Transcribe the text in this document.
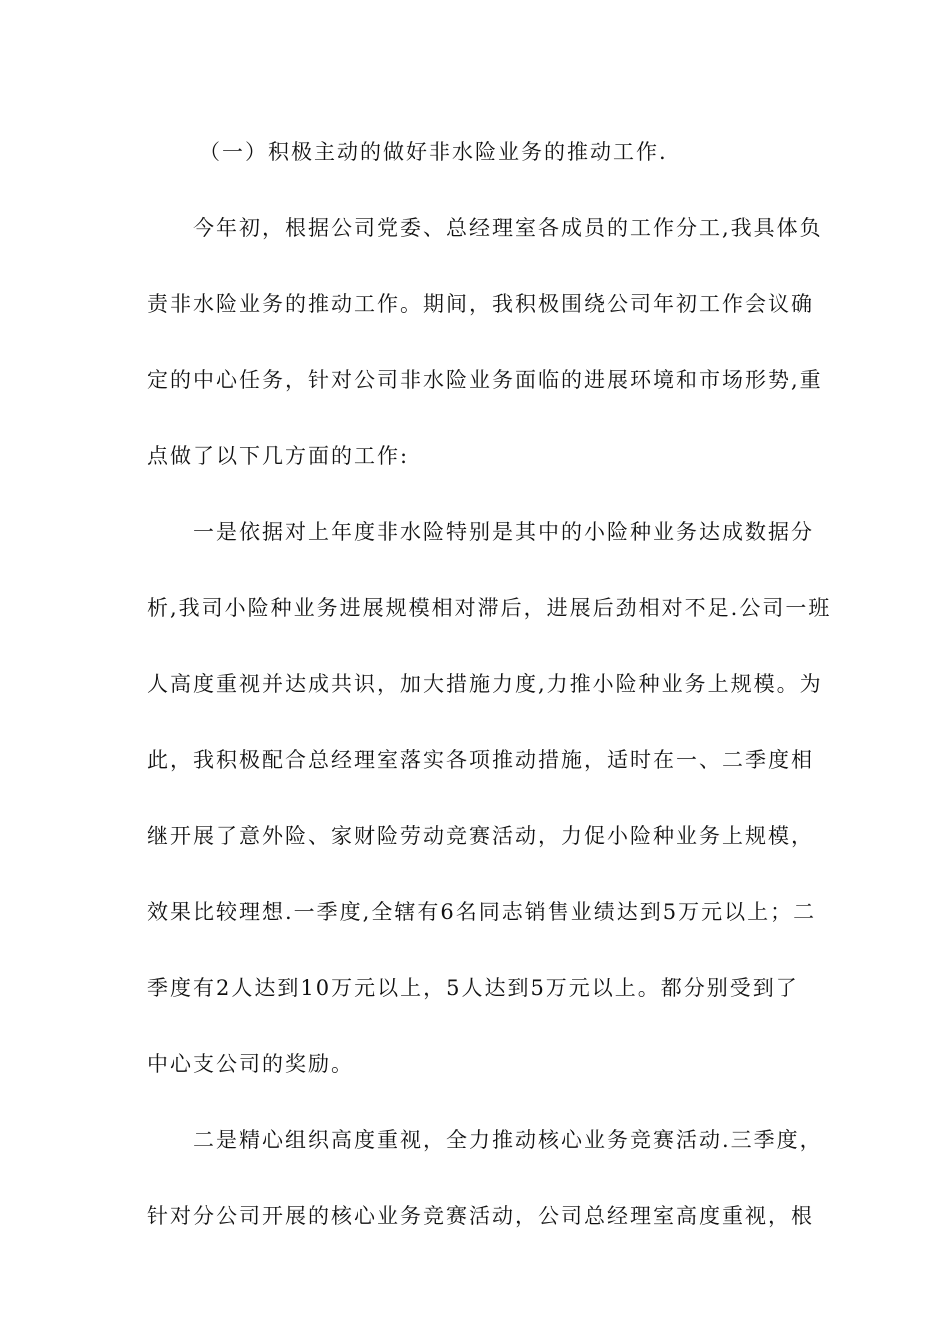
（一）积极主动的做好非水险业务的推动工作.
今年初，根据公司党委、总经理室各成员的工作分工,我具体负
责非水险业务的推动工作。期间，我积极围绕公司年初工作会议确
定的中心任务，针对公司非水险业务面临的进展环境和市场形势,重
点做了以下几方面的工作:
一是依据对上年度非水险特别是其中的小险种业务达成数据分
析,我司小险种业务进展规模相对滞后，进展后劲相对不足.公司一班
人高度重视并达成共识，加大措施力度,力推小险种业务上规模。为
此，我积极配合总经理室落实各项推动措施，适时在一、二季度相
继开展了意外险、家财险劳动竞赛活动，力促小险种业务上规模，
效果比较理想.一季度,全辖有6名同志销售业绩达到5万元以上；二
季度有2人达到10万元以上，5人达到5万元以上。都分别受到了
中心支公司的奖励。
二是精心组织高度重视，全力推动核心业务竞赛活动.三季度，
针对分公司开展的核心业务竞赛活动，公司总经理室高度重视，根
